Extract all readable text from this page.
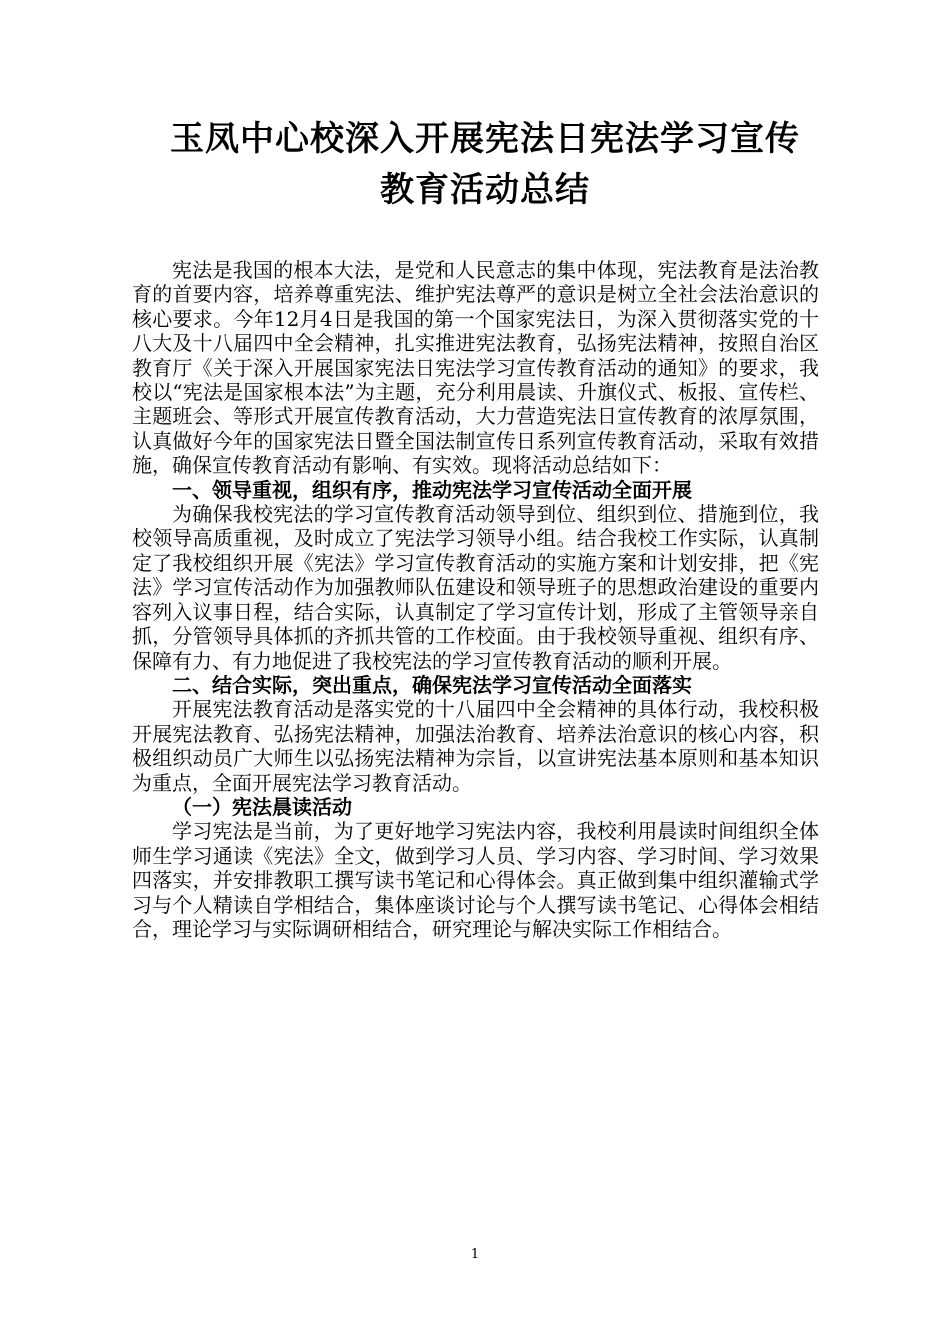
玉凤中心校深入开展宪法日宪法学习宣传
教育活动总结

宪法是我国的根本大法，是党和人民意志的集中体现，宪法教育是法治教育的首要内容，培养尊重宪法、维护宪法尊严的意识是树立全社会法治意识的核心要求。今年12月4日是我国的第一个国家宪法日，为深入贯彻落实党的十八大及十八届四中全会精神，扎实推进宪法教育，弘扬宪法精神，按照自治区教育厅《关于深入开展国家宪法日宪法学习宣传教育活动的通知》的要求，我校以“宪法是国家根本法”为主题，充分利用晨读、升旗仪式、板报、宣传栏、主题班会、等形式开展宣传教育活动，大力营造宪法日宣传教育的浓厚氛围，认真做好今年的国家宪法日暨全国法制宣传日系列宣传教育活动，采取有效措施，确保宣传教育活动有影响、有实效。现将活动总结如下：

一、领导重视，组织有序，推动宪法学习宣传活动全面开展

为确保我校宪法的学习宣传教育活动领导到位、组织到位、措施到位，我校领导高质重视，及时成立了宪法学习领导小组。结合我校工作实际，认真制定了我校组织开展《宪法》学习宣传教育活动的实施方案和计划安排，把《宪法》学习宣传活动作为加强教师队伍建设和领导班子的思想政治建设的重要内容列入议事日程，结合实际，认真制定了学习宣传计划，形成了主管领导亲自抓，分管领导具体抓的齐抓共管的工作校面。由于我校领导重视、组织有序、保障有力、有力地促进了我校宪法的学习宣传教育活动的顺利开展。

二、结合实际，突出重点，确保宪法学习宣传活动全面落实

开展宪法教育活动是落实党的十八届四中全会精神的具体行动，我校积极开展宪法教育、弘扬宪法精神，加强法治教育、培养法治意识的核心内容，积极组织动员广大师生以弘扬宪法精神为宗旨，以宣讲宪法基本原则和基本知识为重点，全面开展宪法学习教育活动。

（一）宪法晨读活动

学习宪法是当前，为了更好地学习宪法内容，我校利用晨读时间组织全体师生学习通读《宪法》全文，做到学习人员、学习内容、学习时间、学习效果四落实，并安排教职工撰写读书笔记和心得体会。真正做到集中组织灌输式学习与个人精读自学相结合，集体座谈讨论与个人撰写读书笔记、心得体会相结合，理论学习与实际调研相结合，研究理论与解决实际工作相结合。

1
